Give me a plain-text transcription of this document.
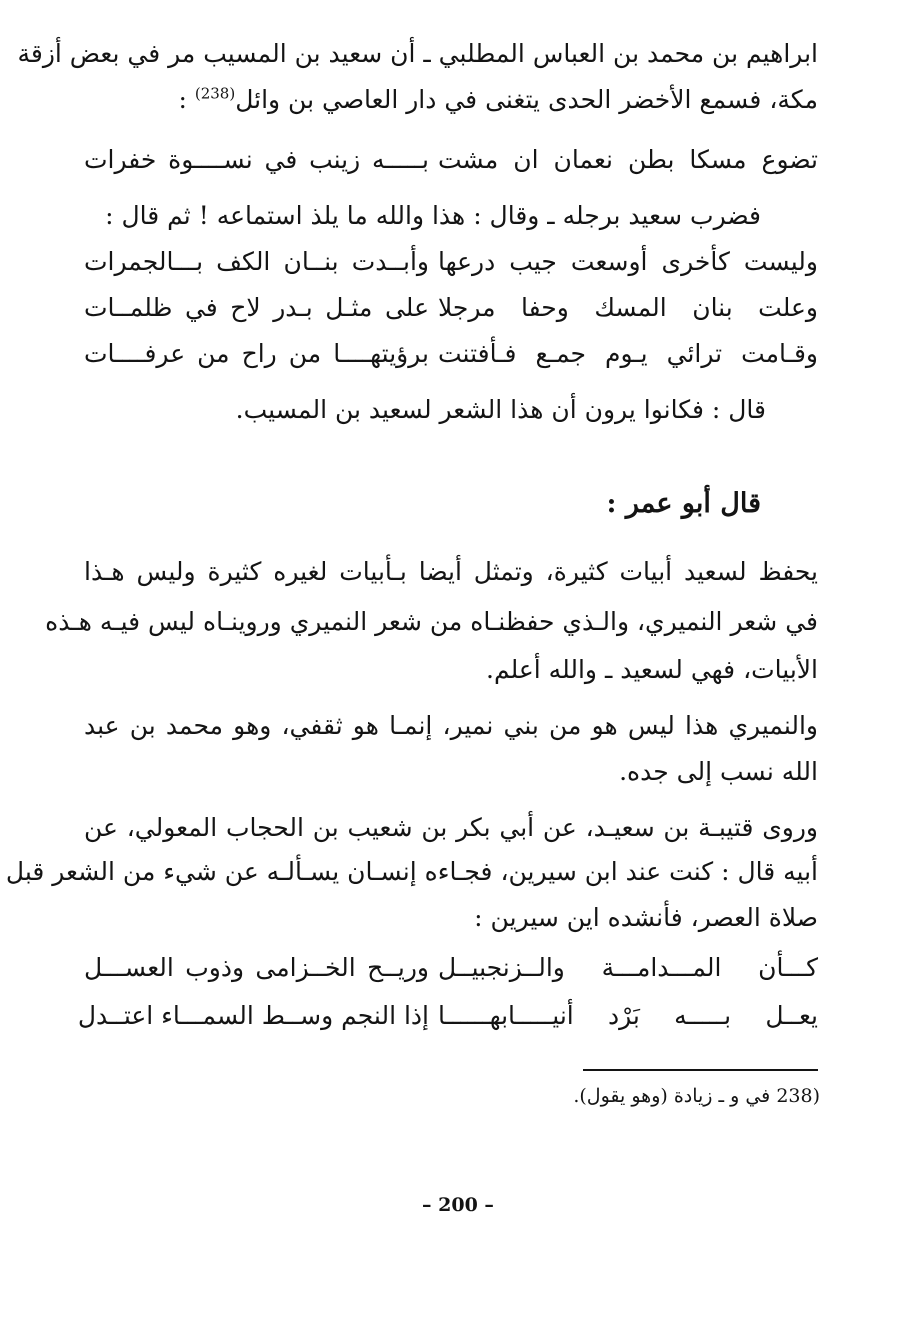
ابراهيم بن محمد بن العباس المطلبي ـ أن سعيد بن المسيب مر في بعض أزقة
مكة، فسمع الأخضر الحدى يتغنى في دار العاصي بن وائل$^{(238)}$ :
تضوع مسكا بطن نعمان ان مشت
بـــــه زينب في نســــوة خفرات
فضرب سعيد برجله ـ وقال : هذا والله ما يلذ استماعه ! ثم قال :
وليست كأخرى أوسعت جيب درعها
وأبــدت بنــان الكف بـــالجمرات
وعلت بنان المسك وحفا مرجلا
على مثـل بـدر لاح في ظلمــات
وقـامت ترائي يـوم جمـع فـأفتنت
برؤيتهــــا من راح من عرفــــات
قال : فكانوا يرون أن هذا الشعر لسعيد بن المسيب.
قال أبو عمر :
يحفظ لسعيد أبيات كثيرة، وتمثل أيضا بـأبيات لغيره كثيرة وليس هـذا
في شعر النميري، والـذي حفظنـاه من شعر النميري وروينـاه ليس فيـه هـذه
الأبيات، فهي لسعيد ـ والله أعلم.
والنميري هذا ليس هو من بني نمير، إنمـا هو ثقفي، وهو محمد بن عبد
الله نسب إلى جده.
وروى قتيبـة بن سعيـد، عن أبي بكر بن شعيب بن الحجاب المعولي، عن
أبيه قال : كنت عند ابن سيرين، فجـاءه إنسـان يسـألـه عن شيء من الشعر قبل
صلاة العصر، فأنشده اين سيرين :
كـــأن المـــدامـــة والــزنجبيــل
وريــح الخــزامى وذوب العســـل
يعــل بـــــه بَرْد أنيـــــابهــــــا
إذا النجم وســط السمـــاء اعتــدل
238) في و ـ زيادة (وهو يقول).
– 200 –
